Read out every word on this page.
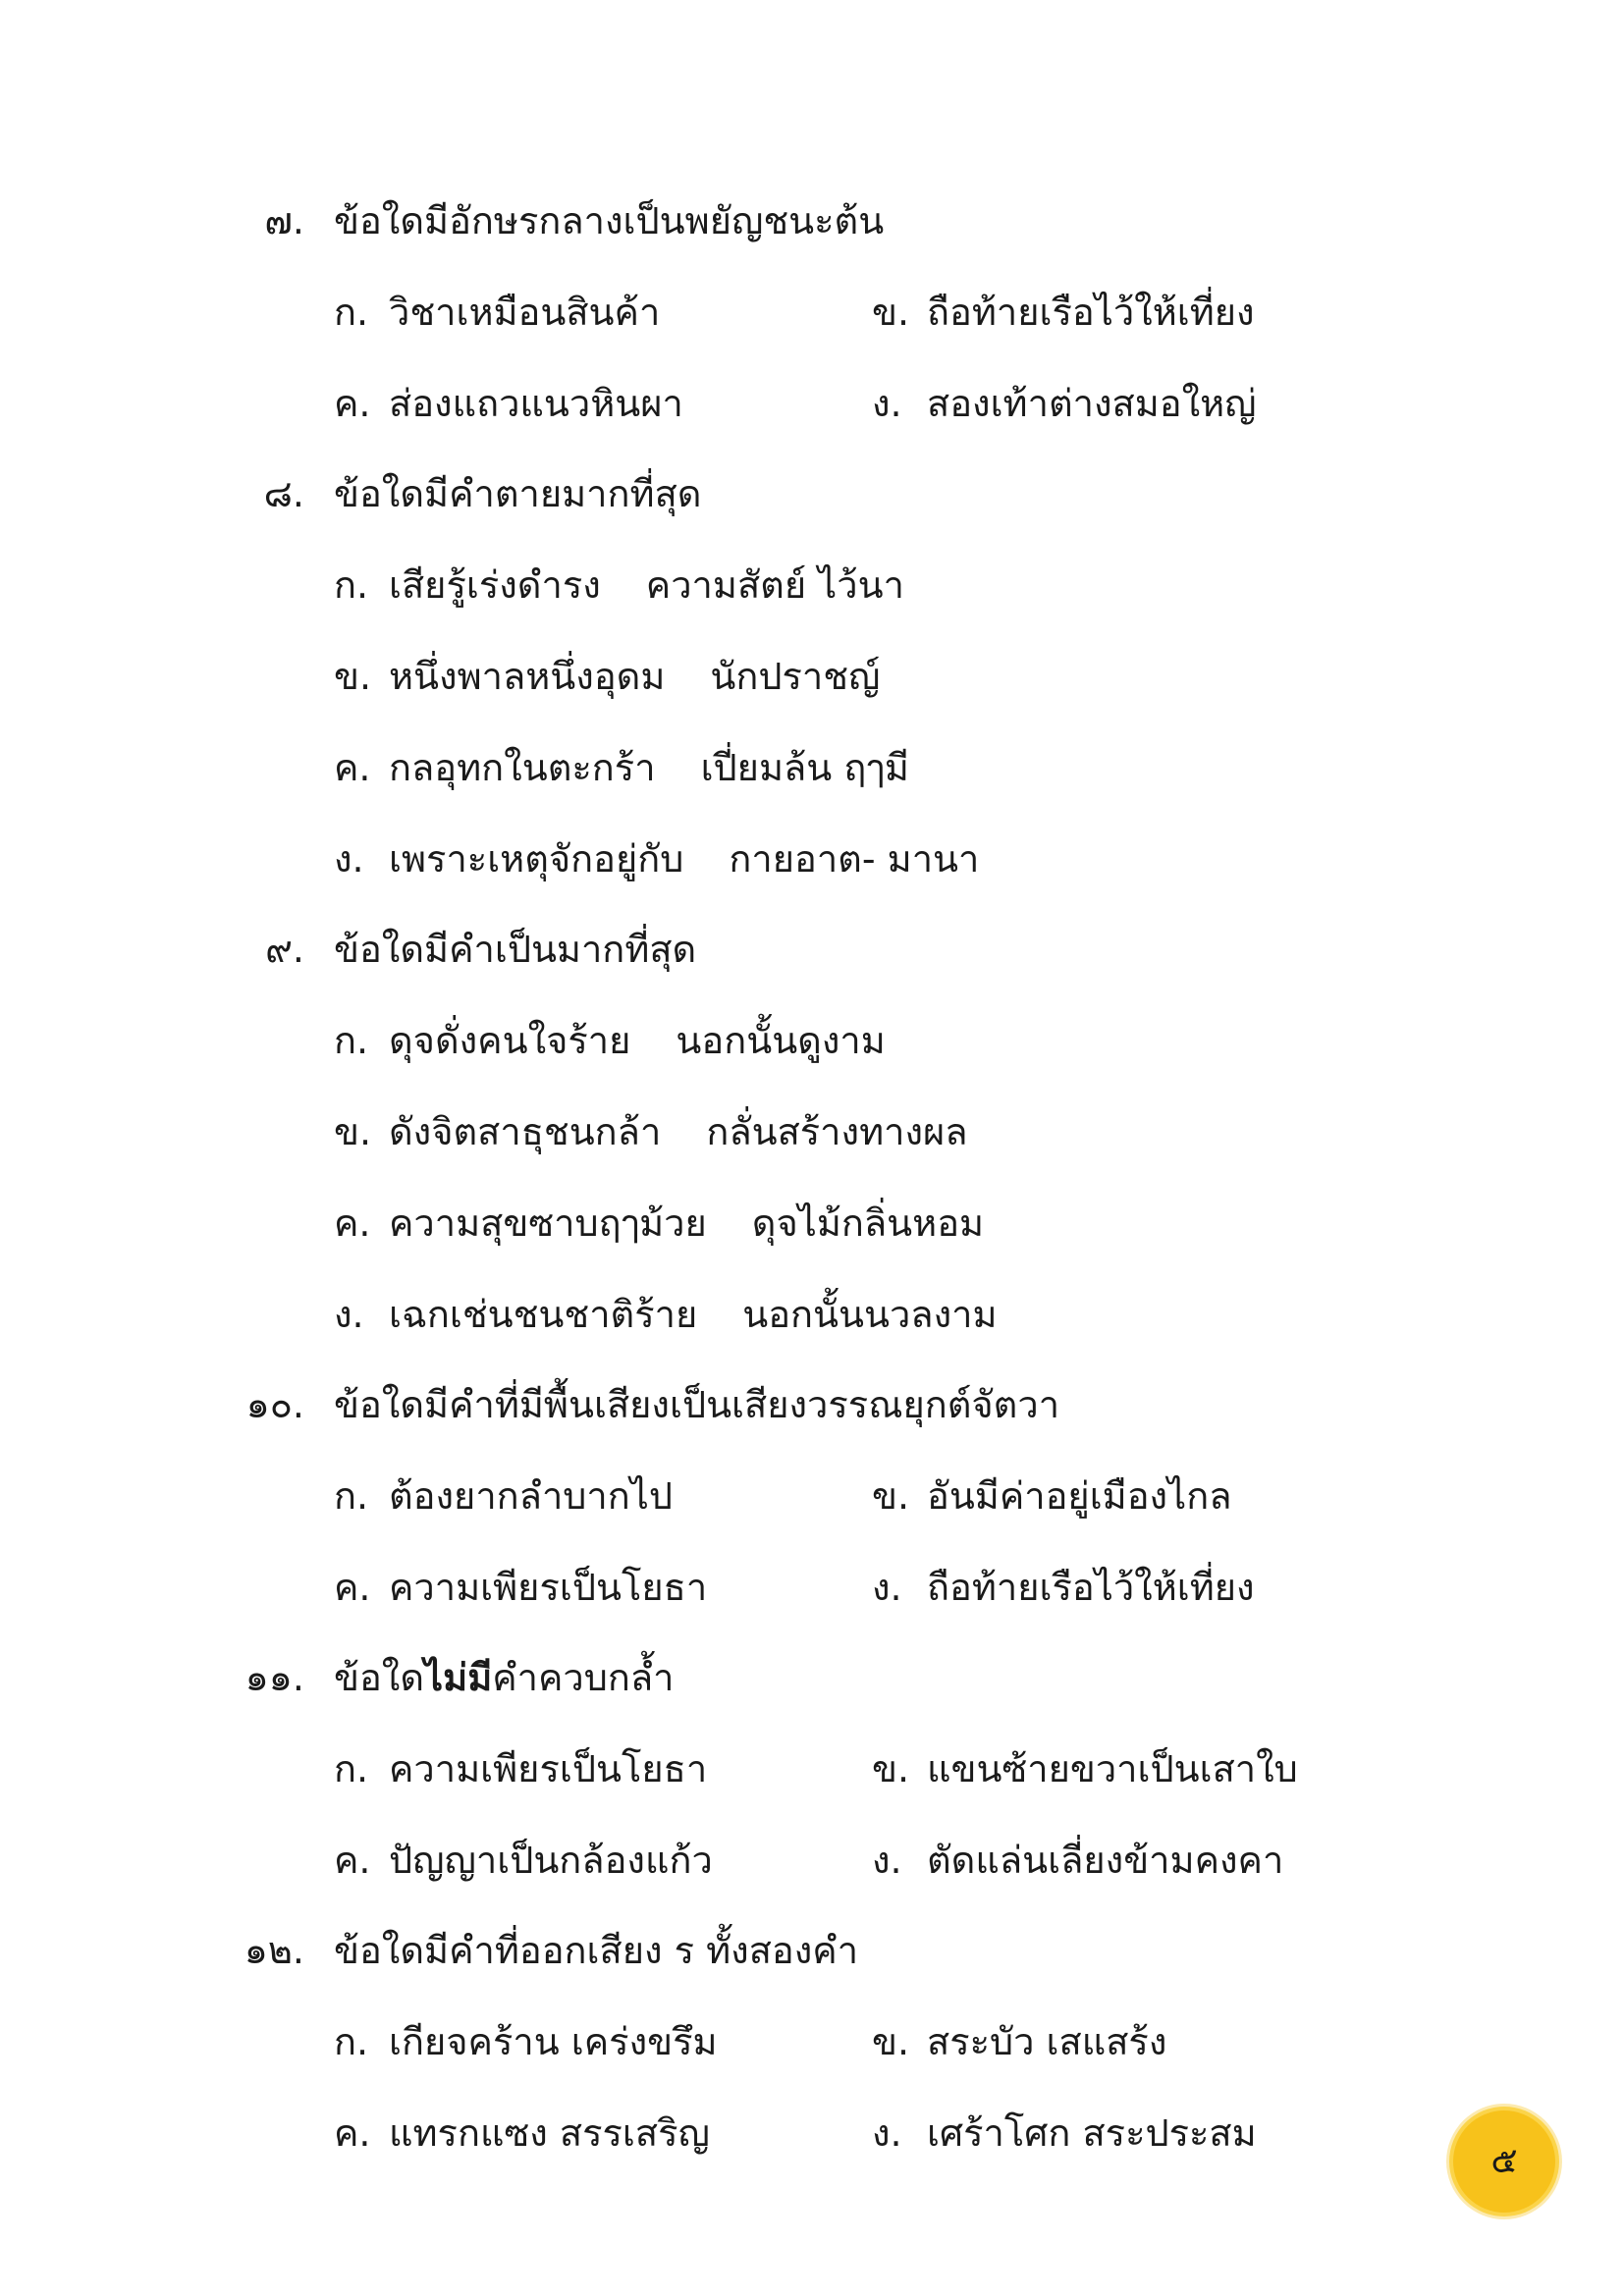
๗. ข้อใดมีอักษรกลางเป็นพยัญชนะต้น
ก. วิชาเหมือนสินค้า	ข. ถือท้ายเรือไว้ให้เที่ยง
ค. ส่องแถวแนวหินผา	ง. สองเท้าต่างสมอใหญ่
๘. ข้อใดมีคำตายมากที่สุด
ก. เสียรู้เร่งดำรง ความสัตย์ ไว้นา
ข. หนึ่งพาลหนึ่งอุดม นักปราชญ์
ค. กลอุทกในตะกร้า เปี่ยมล้น ฤๅมี
ง. เพราะเหตุจักอยู่กับ กายอาต- มานา
๙. ข้อใดมีคำเป็นมากที่สุด
ก. ดุจดั่งคนใจร้าย นอกนั้นดูงาม
ข. ดังจิตสาธุชนกล้า กลั่นสร้างทางผล
ค. ความสุขซาบฤๅม้วย ดุจไม้กลิ่นหอม
ง. เฉกเช่นชนชาติร้าย นอกนั้นนวลงาม
๑๐. ข้อใดมีคำที่มีพื้นเสียงเป็นเสียงวรรณยุกต์จัตวา
ก. ต้องยากลำบากไป	ข. อันมีค่าอยู่เมืองไกล
ค. ความเพียรเป็นโยธา	ง. ถือท้ายเรือไว้ให้เที่ยง
๑๑. ข้อใดไม่มีคำควบกล้ำ
ก. ความเพียรเป็นโยธา	ข. แขนซ้ายขวาเป็นเสาใบ
ค. ปัญญาเป็นกล้องแก้ว	ง. ตัดแล่นเลี่ยงข้ามคงคา
๑๒. ข้อใดมีคำที่ออกเสียง ร ทั้งสองคำ
ก. เกียจคร้าน เคร่งขรึม	ข. สระบัว เสแสร้ง
ค. แทรกแซง สรรเสริญ	ง. เศร้าโศก สระประสม
๕
